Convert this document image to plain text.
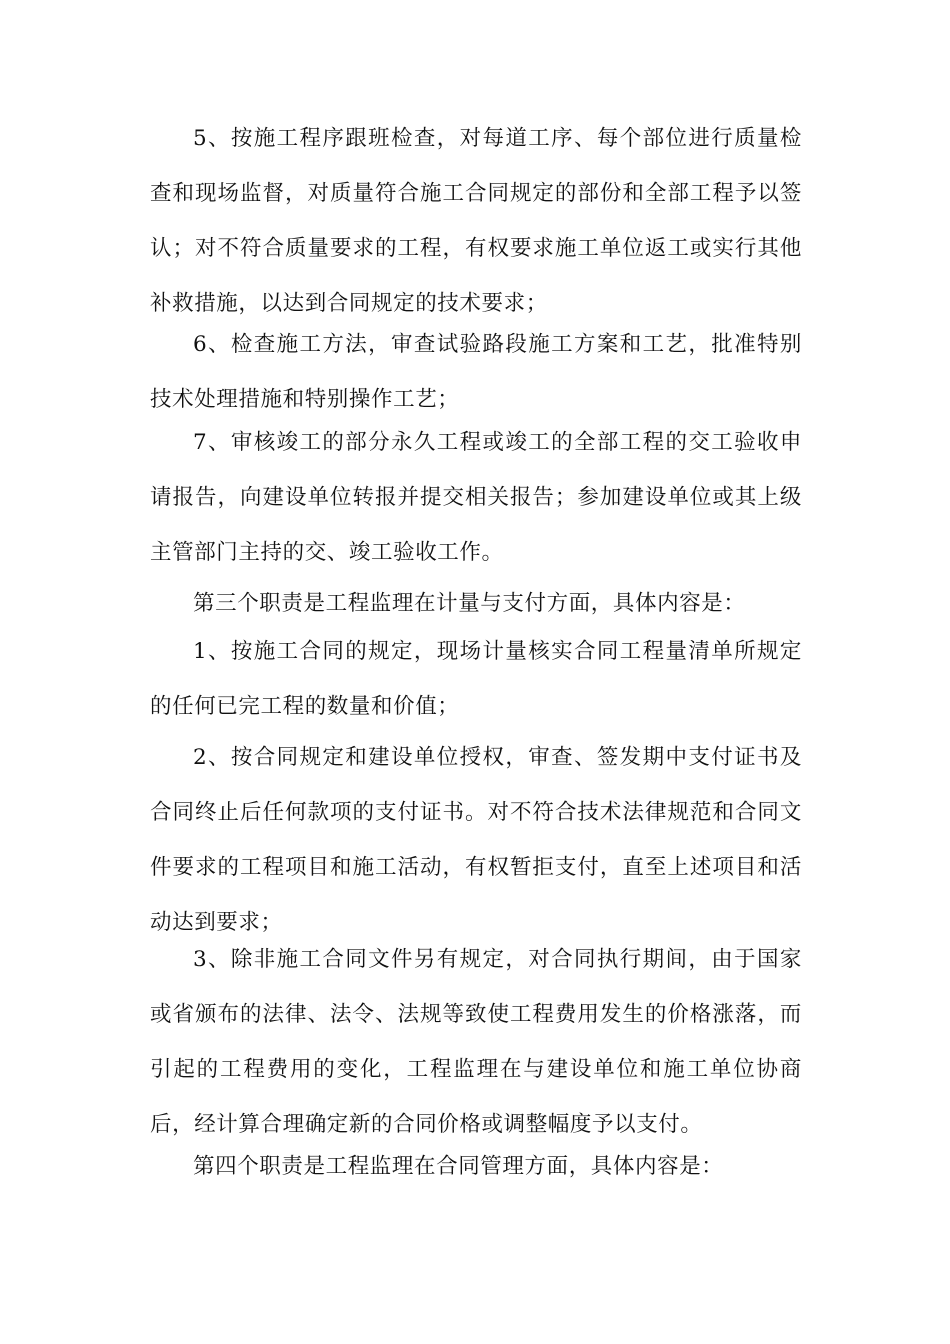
5、按施工程序跟班检查，对每道工序、每个部位进行质量检查和现场监督，对质量符合施工合同规定的部份和全部工程予以签认；对不符合质量要求的工程，有权要求施工单位返工或实行其他补救措施，以达到合同规定的技术要求；

6、检查施工方法，审查试验路段施工方案和工艺，批准特别技术处理措施和特别操作工艺；

7、审核竣工的部分永久工程或竣工的全部工程的交工验收申请报告，向建设单位转报并提交相关报告；参加建设单位或其上级主管部门主持的交、竣工验收工作。

第三个职责是工程监理在计量与支付方面，具体内容是：

1、按施工合同的规定，现场计量核实合同工程量清单所规定的任何已完工程的数量和价值；

2、按合同规定和建设单位授权，审查、签发期中支付证书及合同终止后任何款项的支付证书。对不符合技术法律规范和合同文件要求的工程项目和施工活动，有权暂拒支付，直至上述项目和活动达到要求；

3、除非施工合同文件另有规定，对合同执行期间，由于国家或省颁布的法律、法令、法规等致使工程费用发生的价格涨落，而引起的工程费用的变化，工程监理在与建设单位和施工单位协商后，经计算合理确定新的合同价格或调整幅度予以支付。

第四个职责是工程监理在合同管理方面，具体内容是：
